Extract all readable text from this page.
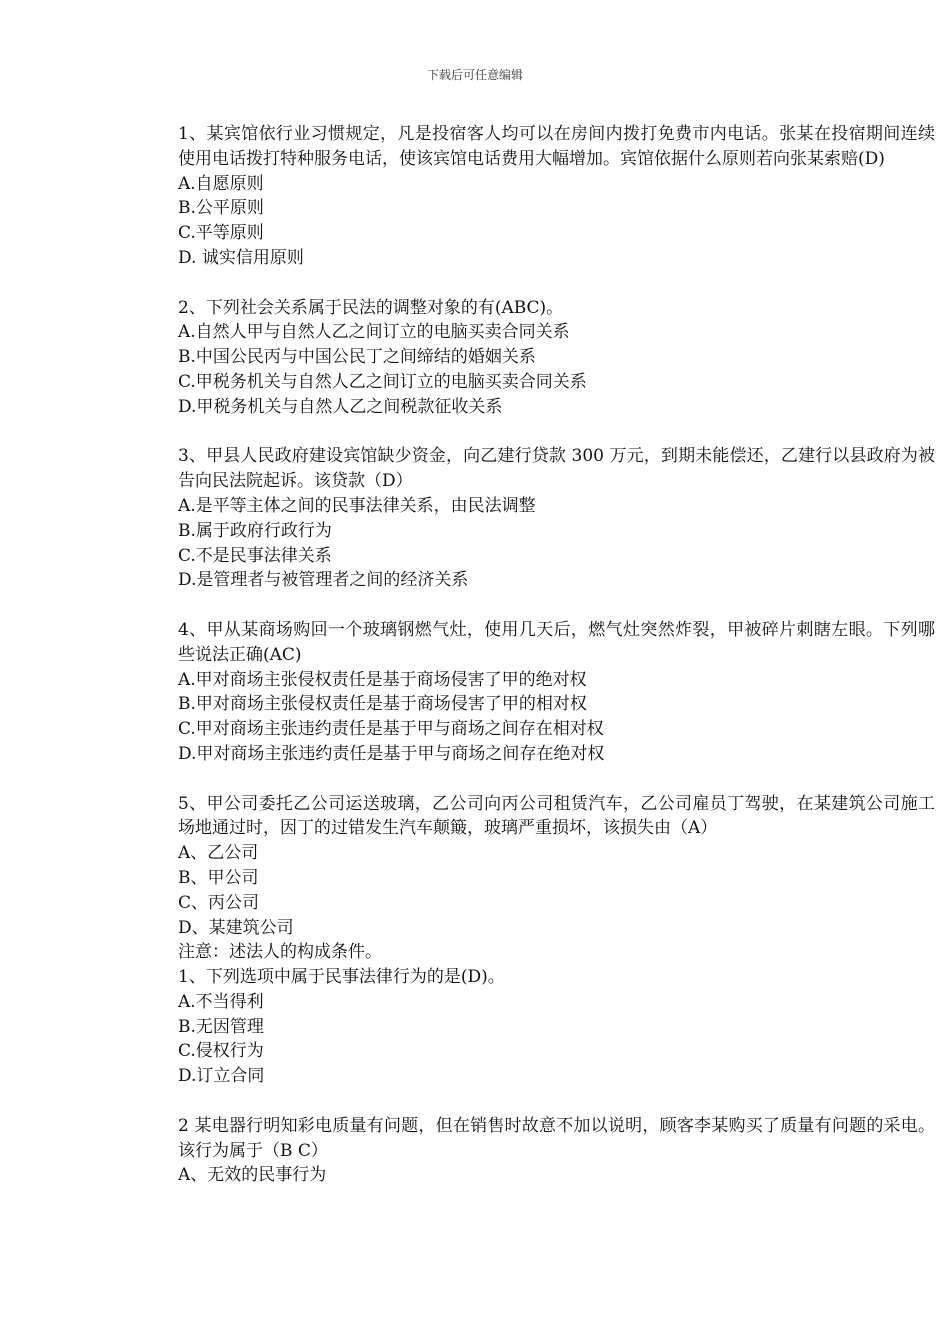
下载后可任意编辑

1、某宾馆依行业习惯规定，凡是投宿客人均可以在房间内拨打免费市内电话。张某在投宿期间连续使用电话拨打特种服务电话，使该宾馆电话费用大幅增加。宾馆依据什么原则若向张某索赔(D)

A.自愿原则

B.公平原则

C.平等原则

D. 诚实信用原则

2、下列社会关系属于民法的调整对象的有(ABC)。

A.自然人甲与自然人乙之间订立的电脑买卖合同关系

B.中国公民丙与中国公民丁之间缔结的婚姻关系

C.甲税务机关与自然人乙之间订立的电脑买卖合同关系

D.甲税务机关与自然人乙之间税款征收关系

3、甲县人民政府建设宾馆缺少资金，向乙建行贷款 300 万元，到期未能偿还，乙建行以县政府为被告向民法院起诉。该贷款（D）

A.是平等主体之间的民事法律关系，由民法调整

B.属于政府行政行为

C.不是民事法律关系

D.是管理者与被管理者之间的经济关系

4、甲从某商场购回一个玻璃钢燃气灶，使用几天后，燃气灶突然炸裂，甲被碎片刺瞎左眼。下列哪些说法正确(AC)

A.甲对商场主张侵权责任是基于商场侵害了甲的绝对权

B.甲对商场主张侵权责任是基于商场侵害了甲的相对权

C.甲对商场主张违约责任是基于甲与商场之间存在相对权

D.甲对商场主张违约责任是基于甲与商场之间存在绝对权

5、甲公司委托乙公司运送玻璃，乙公司向丙公司租赁汽车，乙公司雇员丁驾驶，在某建筑公司施工场地通过时，因丁的过错发生汽车颠簸，玻璃严重损坏，该损失由（A）

A、乙公司

B、甲公司

C、丙公司

D、某建筑公司

注意：述法人的构成条件。

1、下列选项中属于民事法律行为的是(D)。

A.不当得利

B.无因管理

C.侵权行为

D.订立合同

2 某电器行明知彩电质量有问题，但在销售时故意不加以说明，顾客李某购买了质量有问题的采电。该行为属于（B C）

A、无效的民事行为
